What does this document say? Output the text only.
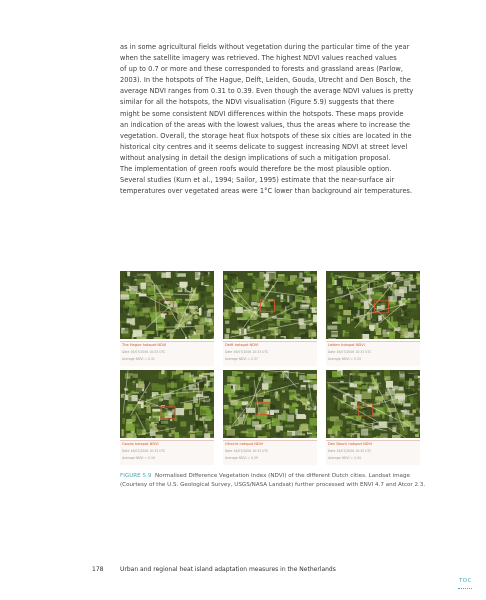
as in some agricultural fields without vegetation during the particular time of the year

when the satellite imagery was retrieved. The highest NDVI values reached values

of up to 0.7 or more and these corresponded to forests and grassland areas (Parlow,

2003). In the hotspots of The Hague, Delft, Leiden, Gouda, Utrecht and Den Bosch, the

average NDVI ranges from 0.31 to 0.39. Even though the average NDVI values is pretty

similar for all the hotspots, the NDVI visualisation (Figure 5.9) suggests that there

might be some consistent NDVI differences within the hotspots. These maps provide

an indication of the areas with the lowest values, thus the areas where to increase the

vegetation. Overall, the storage heat flux hotspots of these six cities are located in the

historical city centres and it seems delicate to suggest increasing NDVI at street level

without analysing in detail the design implications of such a mitigation proposal.

The implementation of green roofs would therefore be the most plausible option.

Several studies (Kurn et al., 1994; Sailor, 1995) estimate that the near-surface air

temperatures over vegetated areas were 1°C lower than background air temperatures.

The Hague hotspot NDVI
Date 16/07/2006 10:33 UTC
Average NDVI = 0,31
Delft hotspot NDVI
Date 16/07/2006 10:33 UTC
Average NDVI = 0,37
Leiden hotspot NDVI
Date 16/07/2006 10:33 UTC
Average NDVI = 0,33
Gouda hotspot NDVI
Date 16/07/2006 10:33 UTC
Average NDVI = 0,34
Utrecht hotspot NDVI
Date 16/07/2006 10:33 UTC
Average NDVI = 0,39
Den Bosch hotspot NDVI
Date 16/07/2006 10:33 UTC
Average NDVI = 0,34
FIGURE 5.9 Normalised Difference Vegetation Index (NDVI) of the different Dutch cities. Landsat image
(Courtesy of the U.S. Geological Survey, USGS/NASA Landsat) further processed with ENVI 4.7 and Atcor 2.3.
178	Urban and regional heat island adaptation measures in the Netherlands
TOC
